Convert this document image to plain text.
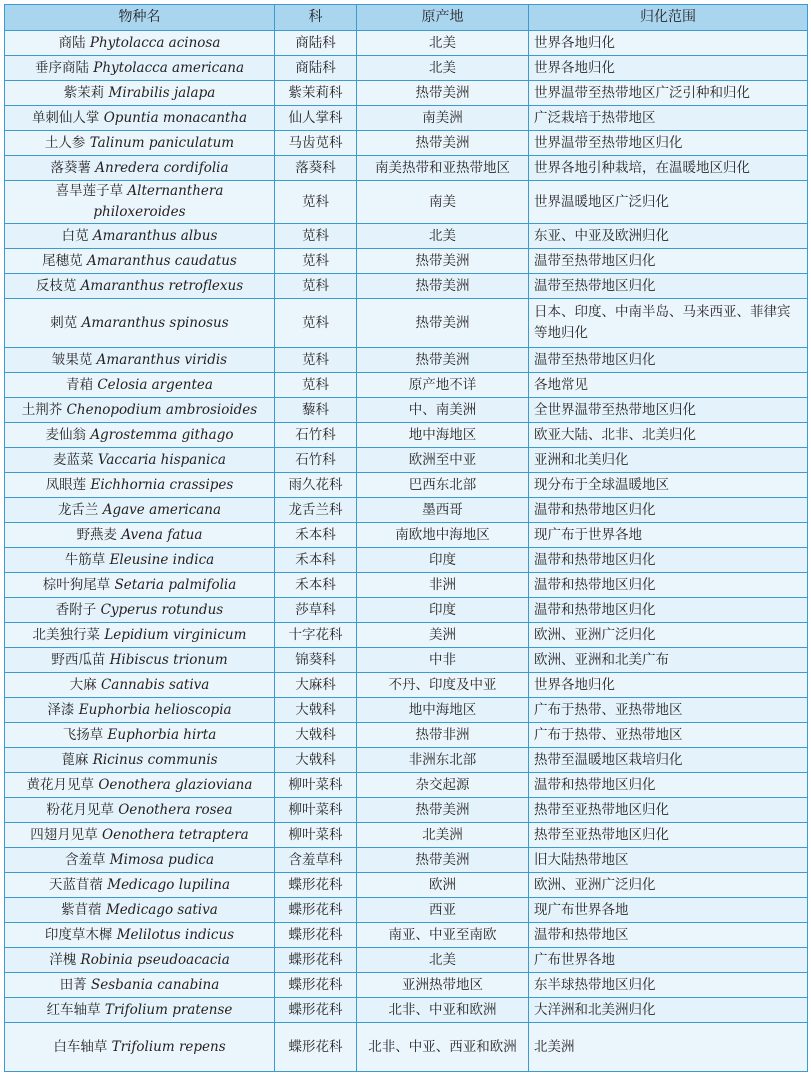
物种名	科	原产地	归化范围
商陆 Phytolacca acinosa	商陆科	北美	世界各地归化
垂序商陆 Phytolacca americana	商陆科	北美	世界各地归化
紫茉莉 Mirabilis jalapa	紫茉莉科	热带美洲	世界温带至热带地区广泛引种和归化
单刺仙人掌 Opuntia monacantha	仙人掌科	南美洲	广泛栽培于热带地区
土人参 Talinum paniculatum	马齿苋科	热带美洲	世界温带至热带地区归化
落葵薯 Anredera cordifolia	落葵科	南美热带和亚热带地区	世界各地引种栽培，在温暖地区归化
喜旱莲子草 Alternanthera philoxeroides	苋科	南美	世界温暖地区广泛归化
白苋 Amaranthus albus	苋科	北美	东亚、中亚及欧洲归化
尾穗苋 Amaranthus caudatus	苋科	热带美洲	温带至热带地区归化
反枝苋 Amaranthus retroflexus	苋科	热带美洲	温带至热带地区归化
刺苋 Amaranthus spinosus	苋科	热带美洲	日本、印度、中南半岛、马来西亚、菲律宾等地归化
皱果苋 Amaranthus viridis	苋科	热带美洲	温带至热带地区归化
青葙 Celosia argentea	苋科	原产地不详	各地常见
土荆芥 Chenopodium ambrosioides	藜科	中、南美洲	全世界温带至热带地区归化
麦仙翁 Agrostemma githago	石竹科	地中海地区	欧亚大陆、北非、北美归化
麦蓝菜 Vaccaria hispanica	石竹科	欧洲至中亚	亚洲和北美归化
凤眼莲 Eichhornia crassipes	雨久花科	巴西东北部	现分布于全球温暖地区
龙舌兰 Agave americana	龙舌兰科	墨西哥	温带和热带地区归化
野燕麦 Avena fatua	禾本科	南欧地中海地区	现广布于世界各地
牛筋草 Eleusine indica	禾本科	印度	温带和热带地区归化
棕叶狗尾草 Setaria palmifolia	禾本科	非洲	温带和热带地区归化
香附子 Cyperus rotundus	莎草科	印度	温带和热带地区归化
北美独行菜 Lepidium virginicum	十字花科	美洲	欧洲、亚洲广泛归化
野西瓜苗 Hibiscus trionum	锦葵科	中非	欧洲、亚洲和北美广布
大麻 Cannabis sativa	大麻科	不丹、印度及中亚	世界各地归化
泽漆 Euphorbia helioscopia	大戟科	地中海地区	广布于热带、亚热带地区
飞扬草 Euphorbia hirta	大戟科	热带非洲	广布于热带、亚热带地区
蓖麻 Ricinus communis	大戟科	非洲东北部	热带至温暖地区栽培归化
黄花月见草 Oenothera glazioviana	柳叶菜科	杂交起源	温带和热带地区归化
粉花月见草 Oenothera rosea	柳叶菜科	热带美洲	热带至亚热带地区归化
四翅月见草 Oenothera tetraptera	柳叶菜科	北美洲	热带至亚热带地区归化
含羞草 Mimosa pudica	含羞草科	热带美洲	旧大陆热带地区
天蓝苜蓿 Medicago lupilina	蝶形花科	欧洲	欧洲、亚洲广泛归化
紫苜蓿 Medicago sativa	蝶形花科	西亚	现广布世界各地
印度草木樨 Melilotus indicus	蝶形花科	南亚、中亚至南欧	温带和热带地区
洋槐 Robinia pseudoacacia	蝶形花科	北美	广布世界各地
田菁 Sesbania canabina	蝶形花科	亚洲热带地区	东半球热带地区归化
红车轴草 Trifolium pratense	蝶形花科	北非、中亚和欧洲	大洋洲和北美洲归化
白车轴草 Trifolium repens	蝶形花科	北非、中亚、西亚和欧洲	北美洲
